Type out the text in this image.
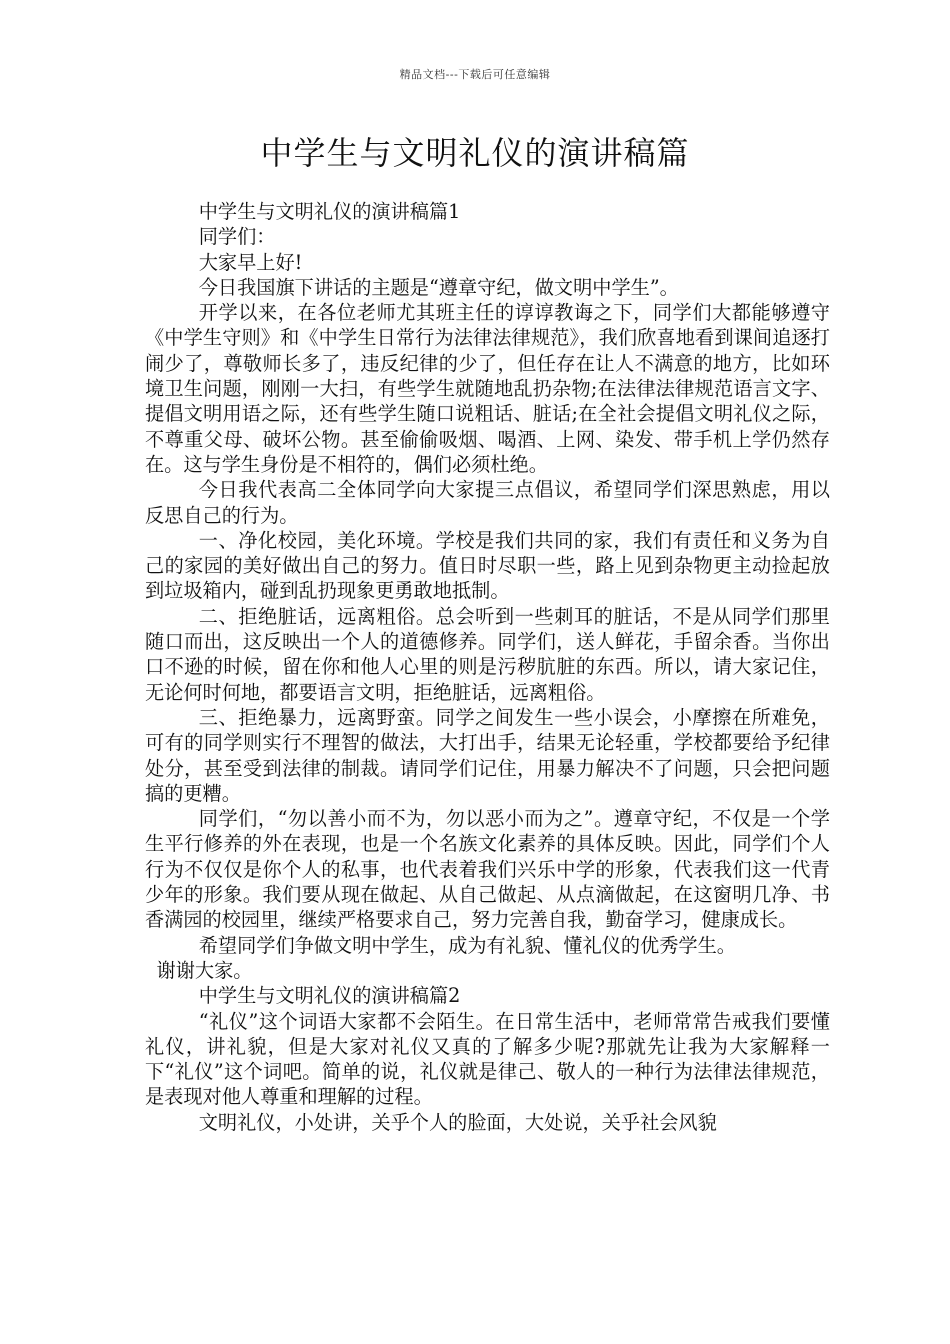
精品文档---下载后可任意编辑
中学生与文明礼仪的演讲稿篇

中学生与文明礼仪的演讲稿篇1

同学们：

大家早上好!

今日我国旗下讲话的主题是“遵章守纪，做文明中学生”。

开学以来，在各位老师尤其班主任的谆谆教诲之下，同学们大都能够遵守《中学生守则》和《中学生日常行为法律法律规范》，我们欣喜地看到课间追逐打闹少了，尊敬师长多了，违反纪律的少了，但任存在让人不满意的地方，比如环境卫生问题，刚刚一大扫，有些学生就随地乱扔杂物;在法律法律规范语言文字、提倡文明用语之际，还有些学生随口说粗话、脏话;在全社会提倡文明礼仪之际，不尊重父母、破坏公物。甚至偷偷吸烟、喝酒、上网、染发、带手机上学仍然存在。这与学生身份是不相符的，偶们必须杜绝。

今日我代表高二全体同学向大家提三点倡议，希望同学们深思熟虑，用以反思自己的行为。

一、净化校园，美化环境。学校是我们共同的家，我们有责任和义务为自己的家园的美好做出自己的努力。值日时尽职一些，路上见到杂物更主动捡起放到垃圾箱内，碰到乱扔现象更勇敢地抵制。

二、拒绝脏话，远离粗俗。总会听到一些刺耳的脏话，不是从同学们那里随口而出，这反映出一个人的道德修养。同学们，送人鲜花，手留余香。当你出口不逊的时候，留在你和他人心里的则是污秽肮脏的东西。所以，请大家记住，无论何时何地，都要语言文明，拒绝脏话，远离粗俗。

三、拒绝暴力，远离野蛮。同学之间发生一些小误会，小摩擦在所难免，可有的同学则实行不理智的做法，大打出手，结果无论轻重，学校都要给予纪律处分，甚至受到法律的制裁。请同学们记住，用暴力解决不了问题，只会把问题搞的更糟。

同学们，“勿以善小而不为，勿以恶小而为之”。遵章守纪，不仅是一个学生平行修养的外在表现，也是一个名族文化素养的具体反映。因此，同学们个人行为不仅仅是你个人的私事，也代表着我们兴乐中学的形象，代表我们这一代青少年的形象。我们要从现在做起、从自己做起、从点滴做起，在这窗明几净、书香满园的校园里，继续严格要求自己，努力完善自我，勤奋学习，健康成长。

希望同学们争做文明中学生，成为有礼貌、懂礼仪的优秀学生。

谢谢大家。

中学生与文明礼仪的演讲稿篇2

“礼仪”这个词语大家都不会陌生。在日常生活中，老师常常告戒我们要懂礼仪，讲礼貌，但是大家对礼仪又真的了解多少呢?那就先让我为大家解释一下“礼仪”这个词吧。简单的说，礼仪就是律己、敬人的一种行为法律法律规范，是表现对他人尊重和理解的过程。

文明礼仪，小处讲，关乎个人的脸面，大处说，关乎社会风貌
